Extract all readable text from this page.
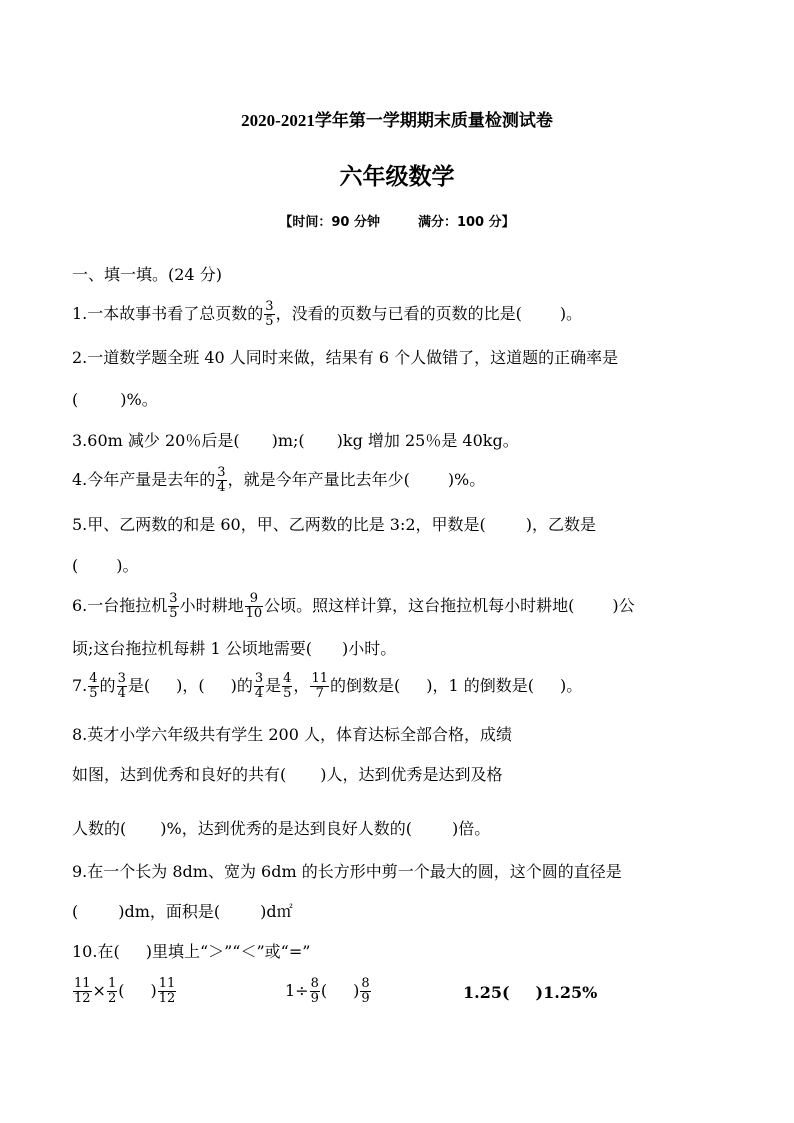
2020-2021学年第一学期期末质量检测试卷
六年级数学
【时间：90 分钟	满分：100 分】
一、填一填。(24 分)
1.一本故事书看了总页数的 $\frac{3}{5}$ ，没看的页数与已看的页数的比是( )。
2.一道数学题全班 40 人同时来做，结果有 6 个人做错了，这道题的正确率是
(	)%。
3.60m 减少 20％后是( )m;( )kg 增加 25％是 40kg。
4.今年产量是去年的 $\frac{3}{4}$ ，就是今年产量比去年少( )%。
5.甲、乙两数的和是 60，甲、乙两数的比是 3:2，甲数是(	)，乙数是
( )。
6.一台拖拉机 $\frac{3}{5}$ 小时耕地 $\frac{9}{10}$ 公顷。照这样计算，这台拖拉机每小时耕地( )公
顷;这台拖拉机每耕 1 公顷地需要( )小时。
7. $\frac{4}{5}$ 的 $\frac{3}{4}$ 是( )，( )的 $\frac{3}{4}$ 是 $\frac{4}{5}$ ， $\frac{11}{7}$ 的倒数是( )，1 的倒数是( )。
8.英才小学六年级共有学生 200 人，体育达标全部合格，成绩
如图，达到优秀和良好的共有( )人，达到优秀是达到及格
人数的( )%，达到优秀的是达到良好人数的(	)倍。
9.在一个长为 8dm、宽为 6dm 的长方形中剪一个最大的圆，这个圆的直径是
(	)dm，面积是(	)d㎡
10.在( )里填上“＞”“＜”或“=”
$\frac{11}{12} \times \frac{1}{2}$ ( ) $\frac{11}{12}$	$1\div \frac{8}{9}$ ( ) $\frac{8}{9}$	1.25( )1.25%
